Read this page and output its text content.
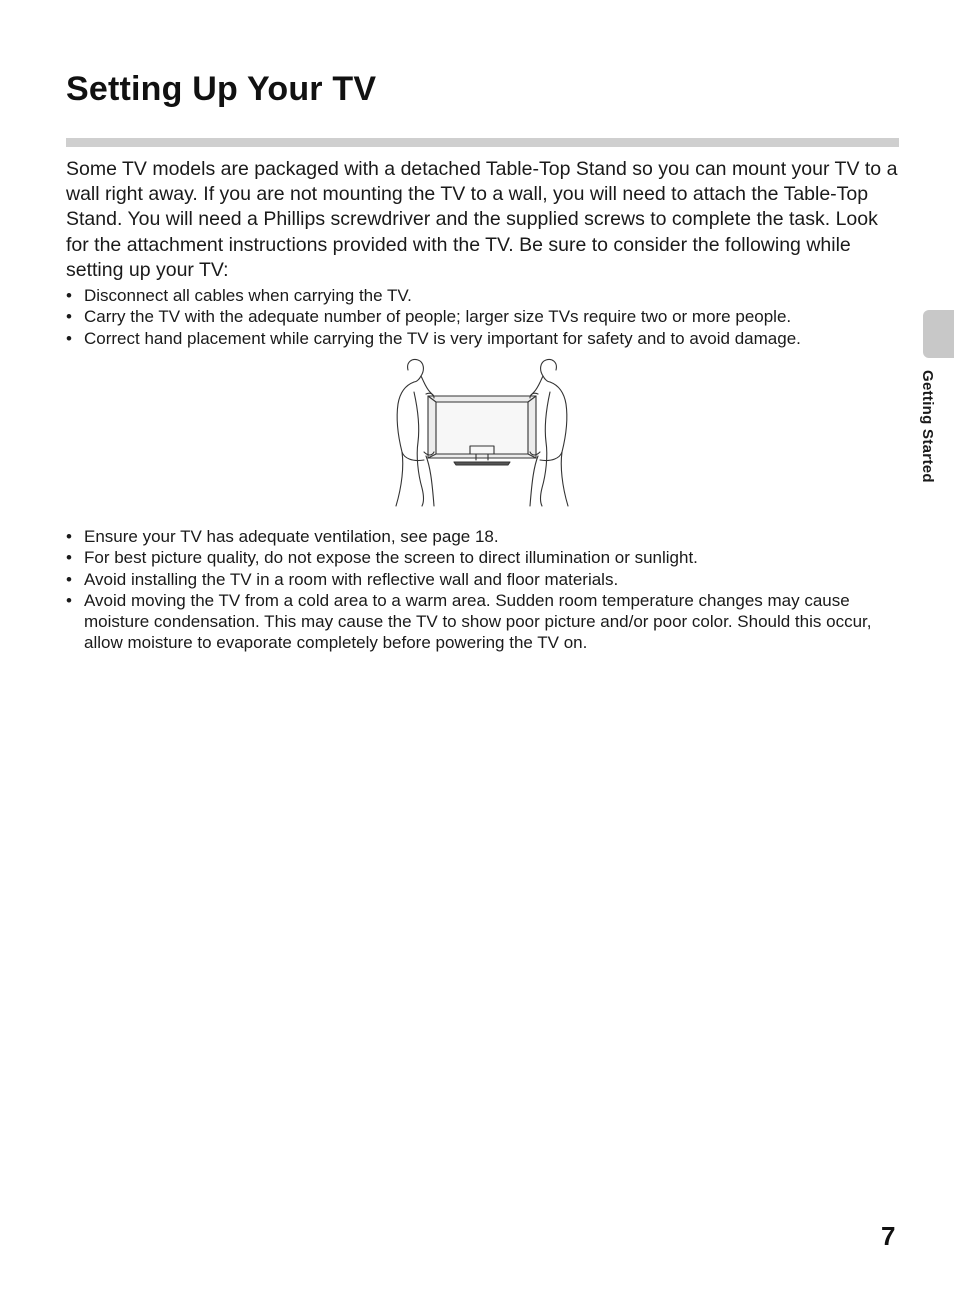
Setting Up Your TV

Some TV models are packaged with a detached Table-Top Stand so you can mount your TV to a wall right away. If you are not mounting the TV to a wall, you will need to attach the Table-Top Stand. You will need a Phillips screwdriver and the supplied screws to complete the task. Look for the attachment instructions provided with the TV. Be sure to consider the following while setting up your TV:

• Disconnect all cables when carrying the TV.
• Carry the TV with the adequate number of people; larger size TVs require two or more people.
• Correct hand placement while carrying the TV is very important for safety and to avoid damage.
• Ensure your TV has adequate ventilation, see page 18.
• For best picture quality, do not expose the screen to direct illumination or sunlight.
• Avoid installing the TV in a room with reflective wall and floor materials.
• Avoid moving the TV from a cold area to a warm area. Sudden room temperature changes may cause moisture condensation. This may cause the TV to show poor picture and/or poor color. Should this occur, allow moisture to evaporate completely before powering the TV on.
Getting Started
7
